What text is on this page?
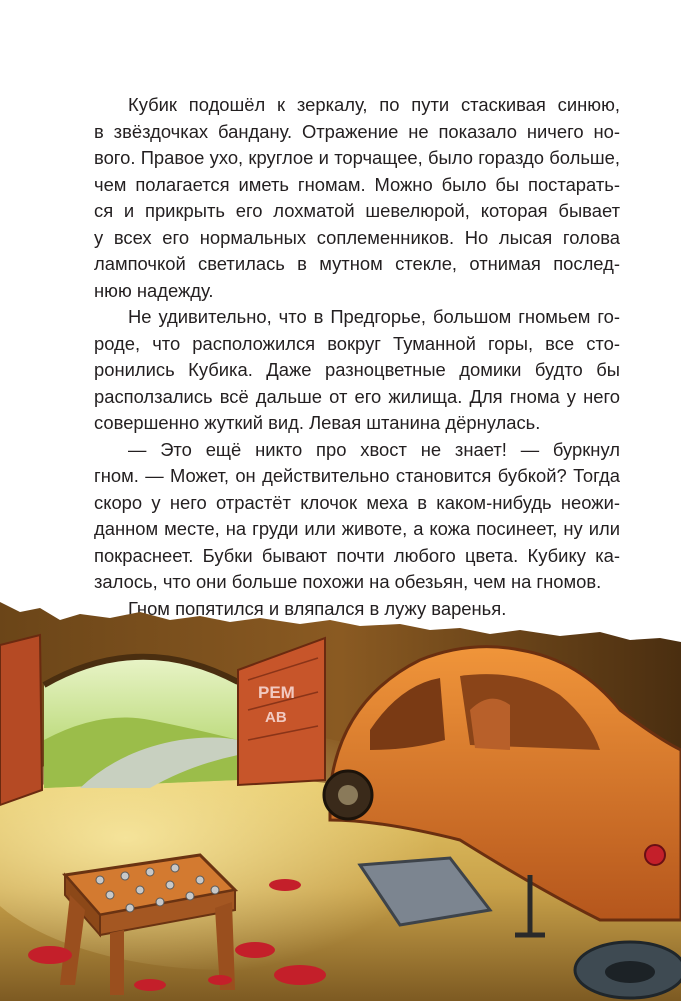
Кубик подошёл к зеркалу, по пути стаскивая синюю,
в звёздочках бандану. Отражение не показало ничего но-
вого. Правое ухо, круглое и торчащее, было гораздо больше,
чем полагается иметь гномам. Можно было бы постарать-
ся и прикрыть его лохматой шевелюрой, которая бывает
у всех его нормальных соплеменников. Но лысая голова
лампочкой светилась в мутном стекле, отнимая послед-
нюю надежду.
Не удивительно, что в Предгорье, большом гномьем го-
роде, что расположился вокруг Туманной горы, все сто-
ронились Кубика. Даже разноцветные домики будто бы
расползались всё дальше от его жилища. Для гнома у него
совершенно жуткий вид. Левая штанина дёрнулась.
— Это ещё никто про хвост не знает! — буркнул
гном. — Может, он действительно становится бубкой? Тогда
скоро у него отрастёт клочок меха в каком-нибудь неожи-
данном месте, на груди или животе, а кожа посинеет, ну или
покраснеет. Бубки бывают почти любого цвета. Кубику ка-
залось, что они больше похожи на обезьян, чем на гномов.
Гном попятился и вляпался в лужу варенья.
РЕМ
АВ
